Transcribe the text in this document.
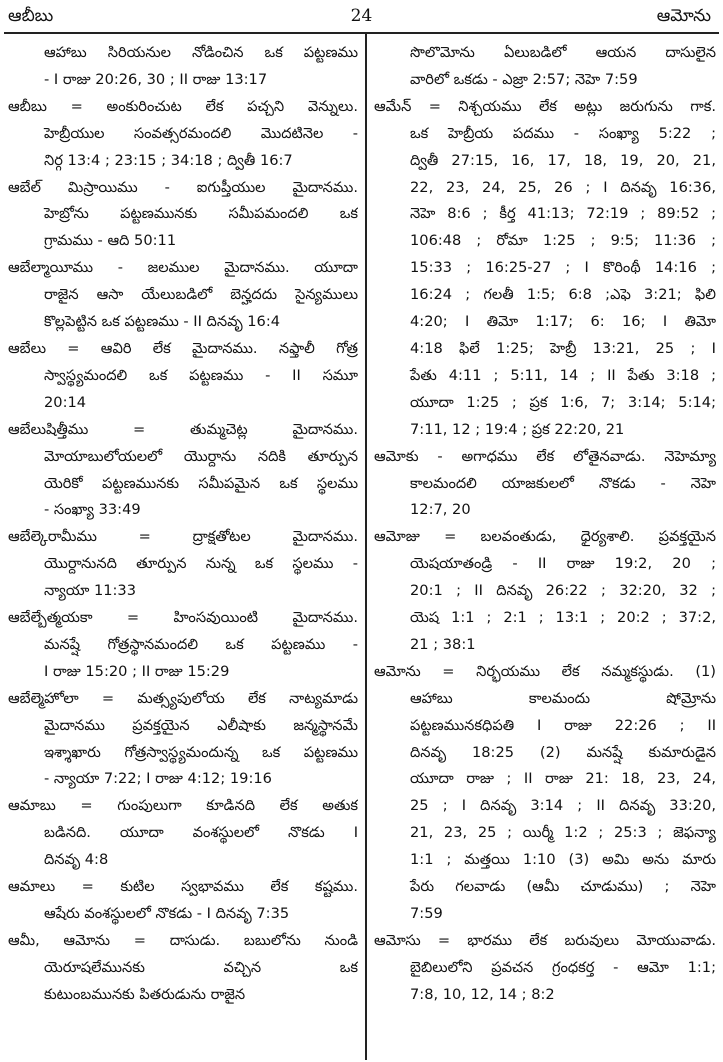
ఆబీబు	24	ఆమోను
ఆహాబు సిరియనుల నోడించిన ఒక పట్టణము
- I రాజు 20:26, 30 ; II రాజు 13:17
ఆబీబు = అంకురించుట లేక పచ్చని వెన్నులు.
హెబ్రీయుల సంవత్సరమందలి మొదటినెల -
నిర్గ 13:4 ; 23:15 ; 34:18 ; ద్వితీ 16:7
ఆబేల్ మిస్రాయిము - ఐగుప్తీయుల మైదానము.
హెబ్రోను పట్టణమునకు సమీపమందలి ఒక
గ్రామము - ఆది 50:11
ఆబేల్మాయీము - జలముల మైదానము. యూదా
రాజైన ఆసా యేలుబడిలో బెన్హదదు సైన్యములు
కొల్లపెట్టిన ఒక పట్టణము - II దినవృ 16:4
ఆబేలు = ఆవిరి లేక మైదానము. నఫ్తాలీ గోత్ర
స్వాస్థ్యమందలి ఒక పట్టణము - II సమూ
20:14
ఆబేలుషిత్తీము = తుమ్మచెట్ల మైదానము.
మోయాబులోయలలో యొర్దాను నదికి తూర్పున
యెరికో పట్టణమునకు సమీపమైన ఒక స్థలము
- సంఖ్యా 33:49
ఆబేల్కెరామీము = ద్రాక్షతోటల మైదానము.
యొర్దానునది తూర్పున నున్న ఒక స్థలము -
న్యాయా 11:33
ఆబేల్బేత్మయకా = హింసవుయింటి మైదానము.
మనష్షే గోత్రస్థానమందలి ఒక పట్టణము -
I రాజు 15:20 ; II రాజు 15:29
ఆబేల్మెహోలా = మత్స్యపులోయ లేక నాట్యమాడు
మైదానము ప్రవక్తయైన ఎలీషాకు జన్మస్థానమే
ఇశ్శాఖారు గోత్రస్వాస్థ్యమందున్న ఒక పట్టణము
- న్యాయా 7:22; I రాజు 4:12; 19:16
ఆమాబు = గుంపులుగా కూడినది లేక అతుక
బడినది. యూదా వంశస్థులలో నొకడు I
దినవృ 4:8
ఆమాలు = కుటిల స్వభావము లేక కష్టము.
ఆషేరు వంశస్థులలో నొకడు - I దినవృ 7:35
ఆమీ, ఆమోను = దాసుడు. బబులోను నుండి
యెరూషలేమునకు వచ్చిన ఒక
కుటుంబమునకు పితరుడును రాజైన
సొలొమోను ఏలుబడిలో ఆయన దాసులైన
వారిలో ఒకడు - ఎజ్రా 2:57; నెహె 7:59
ఆమేన్ = నిశ్చయము లేక అట్లు జరుగును గాక.
ఒక హెబ్రీయ పదము - సంఖ్యా 5:22 ;
ద్వితీ 27:15, 16, 17, 18, 19, 20, 21,
22, 23, 24, 25, 26 ; I దినవృ 16:36,
నెహె 8:6 ; కీర్త 41:13; 72:19 ; 89:52 ;
106:48 ; రోమా 1:25 ; 9:5; 11:36 ;
15:33 ; 16:25-27 ; I కొరింథీ 14:16 ;
16:24 ; గలతీ 1:5; 6:8 ;ఎఫె 3:21; ఫిలి
4:20; I తిమో 1:17; 6: 16; I తిమో
4:18 ఫిలే 1:25; హెబ్రీ 13:21, 25 ; I
పేతు 4:11 ; 5:11, 14 ; II పేతు 3:18 ;
యూదా 1:25 ; ప్రక 1:6, 7; 3:14; 5:14;
7:11, 12 ; 19:4 ; ప్రక 22:20, 21
ఆమోకు - అగాధము లేక లోతైనవాడు. నెహెమ్యా
కాలమందలి యాజకులలో నొకడు - నెహె
12:7, 20
ఆమోజు = బలవంతుడు, ధైర్యశాలి. ప్రవక్తయైన
యెషయాతండ్రి - II రాజు 19:2, 20 ;
20:1 ; II దినవృ 26:22 ; 32:20, 32 ;
యెష 1:1 ; 2:1 ; 13:1 ; 20:2 ; 37:2,
21 ; 38:1
ఆమోను = నిర్భయము లేక నమ్మకస్థుడు. (1)
ఆహాబు కాలమందు షోమ్రోను
పట్టణమునకధిపతి I రాజు 22:26 ; II
దినవృ 18:25 (2) మనష్షే కుమారుడైన
యూదా రాజు ; II రాజు 21: 18, 23, 24,
25 ; I దినవృ 3:14 ; II దినవృ 33:20,
21, 23, 25 ; యిర్మీ 1:2 ; 25:3 ; జెఫన్యా
1:1 ; మత్తయి 1:10 (3) అమి అను మారు
పేరు గలవాడు (ఆమీ చూడుము) ; నెహె
7:59
ఆమోసు = భారము లేక బరువులు మోయువాడు.
బైబిలులోని ప్రవచన గ్రంధకర్త - ఆమో 1:1;
7:8, 10, 12, 14 ; 8:2
